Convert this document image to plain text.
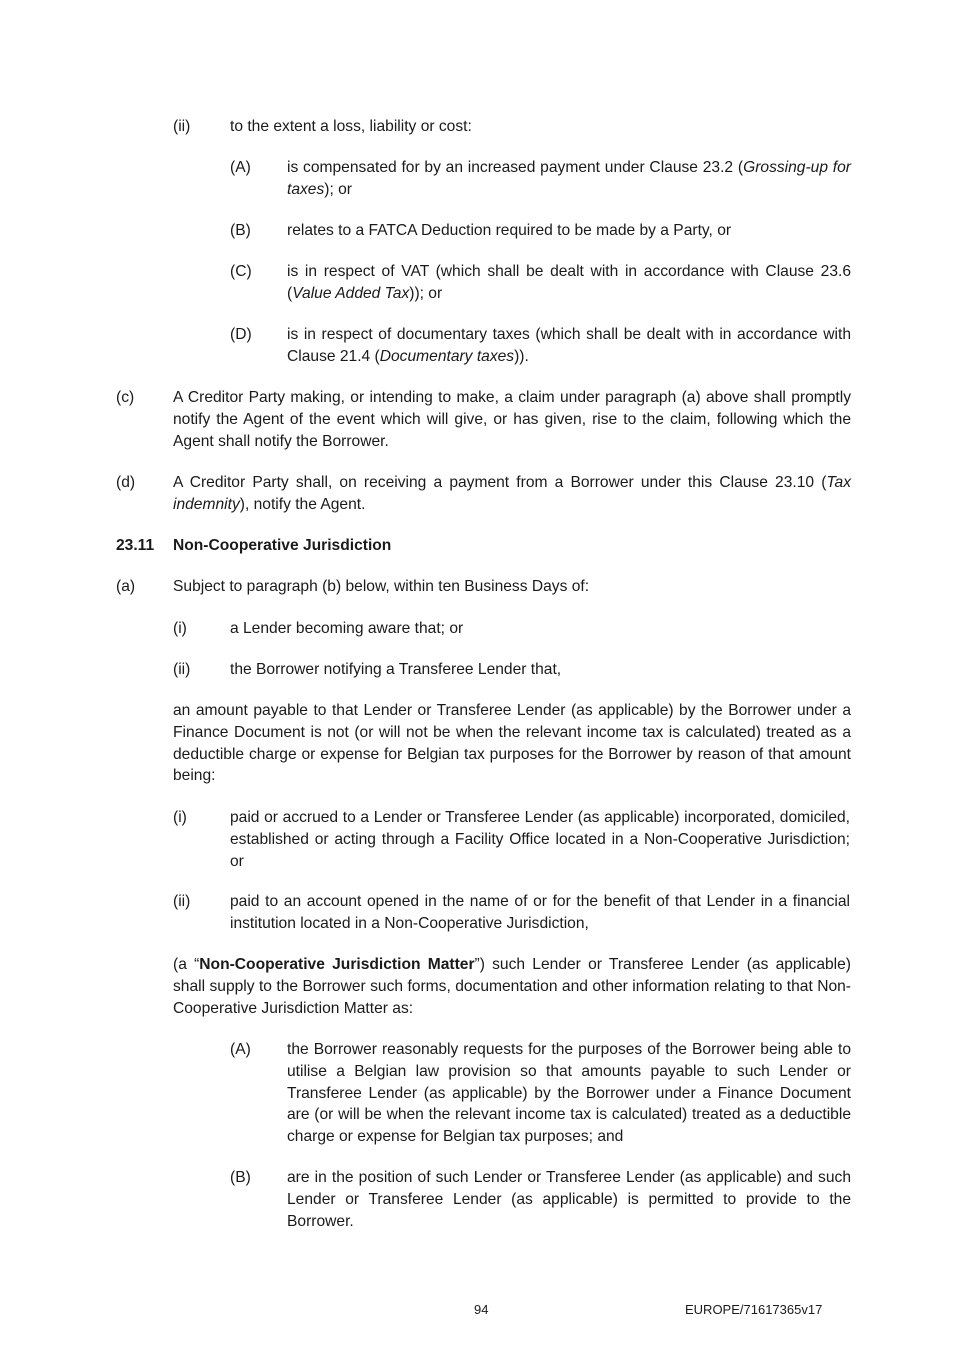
(ii)	to the extent a loss, liability or cost:
(A) is compensated for by an increased payment under Clause 23.2 (Grossing-up for taxes); or
(B) relates to a FATCA Deduction required to be made by a Party, or
(C) is in respect of VAT (which shall be dealt with in accordance with Clause 23.6 (Value Added Tax)); or
(D) is in respect of documentary taxes (which shall be dealt with in accordance with Clause 21.4 (Documentary taxes)).
(c) A Creditor Party making, or intending to make, a claim under paragraph (a) above shall promptly notify the Agent of the event which will give, or has given, rise to the claim, following which the Agent shall notify the Borrower.
(d) A Creditor Party shall, on receiving a payment from a Borrower under this Clause 23.10 (Tax indemnity), notify the Agent.
23.11 Non-Cooperative Jurisdiction
(a) Subject to paragraph (b) below, within ten Business Days of:
(i)	a Lender becoming aware that; or
(ii)	the Borrower notifying a Transferee Lender that,
an amount payable to that Lender or Transferee Lender (as applicable) by the Borrower under a Finance Document is not (or will not be when the relevant income tax is calculated) treated as a deductible charge or expense for Belgian tax purposes for the Borrower by reason of that amount being:
(i)	paid or accrued to a Lender or Transferee Lender (as applicable) incorporated, domiciled, established or acting through a Facility Office located in a Non-Cooperative Jurisdiction; or
(ii)	paid to an account opened in the name of or for the benefit of that Lender in a financial institution located in a Non-Cooperative Jurisdiction,
(a “Non-Cooperative Jurisdiction Matter”) such Lender or Transferee Lender (as applicable) shall supply to the Borrower such forms, documentation and other information relating to that Non-Cooperative Jurisdiction Matter as:
(A) the Borrower reasonably requests for the purposes of the Borrower being able to utilise a Belgian law provision so that amounts payable to such Lender or Transferee Lender (as applicable) by the Borrower under a Finance Document are (or will be when the relevant income tax is calculated) treated as a deductible charge or expense for Belgian tax purposes; and
(B) are in the position of such Lender or Transferee Lender (as applicable) and such Lender or Transferee Lender (as applicable) is permitted to provide to the Borrower.
94	EUROPE/71617365v17
